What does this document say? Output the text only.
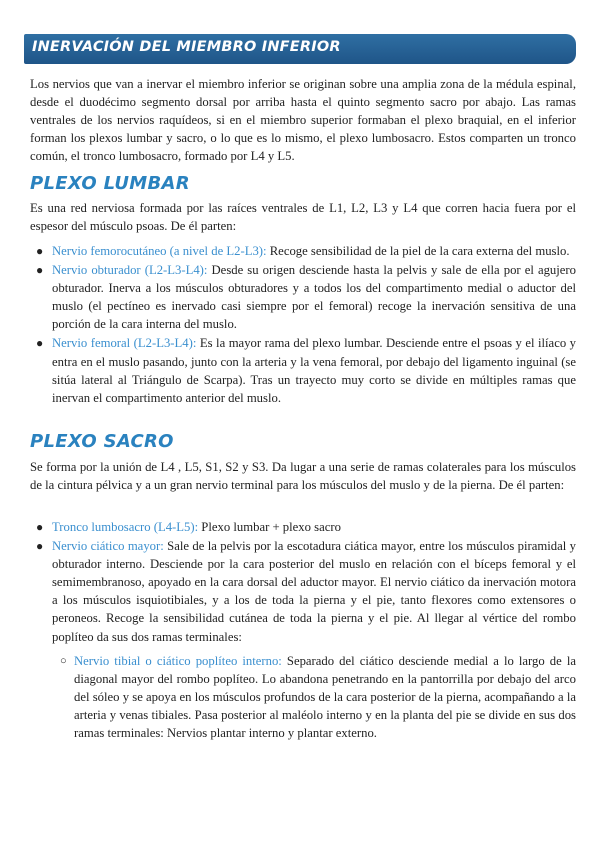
INERVACIÓN DEL MIEMBRO INFERIOR

Los nervios que van a inervar el miembro inferior se originan sobre una amplia zona de la médula espinal, desde el duodécimo segmento dorsal por arriba hasta el quinto segmento sacro por abajo. Las ramas ventrales de los nervios raquídeos, si en el miembro superior formaban el plexo braquial, en el inferior forman los plexos lumbar y sacro, o lo que es lo mismo, el plexo lumbosacro. Estos comparten un tronco común, el tronco lumbosacro, formado por L4 y L5.

PLEXO LUMBAR

Es una red nerviosa formada por las raíces ventrales de L1, L2, L3 y L4 que corren hacia fuera por el espesor del músculo psoas. De él parten:

● Nervio femorocutáneo (a nivel de L2-L3): Recoge sensibilidad de la piel de la cara externa del muslo.
● Nervio obturador (L2-L3-L4): Desde su origen desciende hasta la pelvis y sale de ella por el agujero obturador. Inerva a los músculos obturadores y a todos los del compartimento medial o aductor del muslo (el pectíneo es inervado casi siempre por el femoral) recoge la inervación sensitiva de una porción de la cara interna del muslo.
● Nervio femoral (L2-L3-L4): Es la mayor rama del plexo lumbar. Desciende entre el psoas y el ilíaco y entra en el muslo pasando, junto con la arteria y la vena femoral, por debajo del ligamento inguinal (se sitúa lateral al Triángulo de Scarpa). Tras un trayecto muy corto se divide en múltiples ramas que inervan el compartimento anterior del muslo.
PLEXO SACRO

Se forma por la unión de L4 , L5, S1, S2 y S3. Da lugar a una serie de ramas colaterales para los músculos de la cintura pélvica y a un gran nervio terminal para los músculos del muslo y de la pierna. De él parten:

● Tronco lumbosacro (L4-L5): Plexo lumbar + plexo sacro
● Nervio ciático mayor: Sale de la pelvis por la escotadura ciática mayor, entre los músculos piramidal y obturador interno. Desciende por la cara posterior del muslo en relación con el bíceps femoral y el semimembranoso, apoyado en la cara dorsal del aductor mayor. El nervio ciático da inervación motora a los músculos isquiotibiales, y a los de toda la pierna y el pie, tanto flexores como extensores o peroneos. Recoge la sensibilidad cutánea de toda la pierna y el pie. Al llegar al vértice del rombo poplíteo da sus dos ramas terminales:
○ Nervio tibial o ciático poplíteo interno: Separado del ciático desciende medial a lo largo de la diagonal mayor del rombo poplíteo. Lo abandona penetrando en la pantorrilla por debajo del arco del sóleo y se apoya en los músculos profundos de la cara posterior de la pierna, acompañando a la arteria y venas tibiales. Pasa posterior al maléolo interno y en la planta del pie se divide en sus dos ramas terminales: Nervios plantar interno y plantar externo.
